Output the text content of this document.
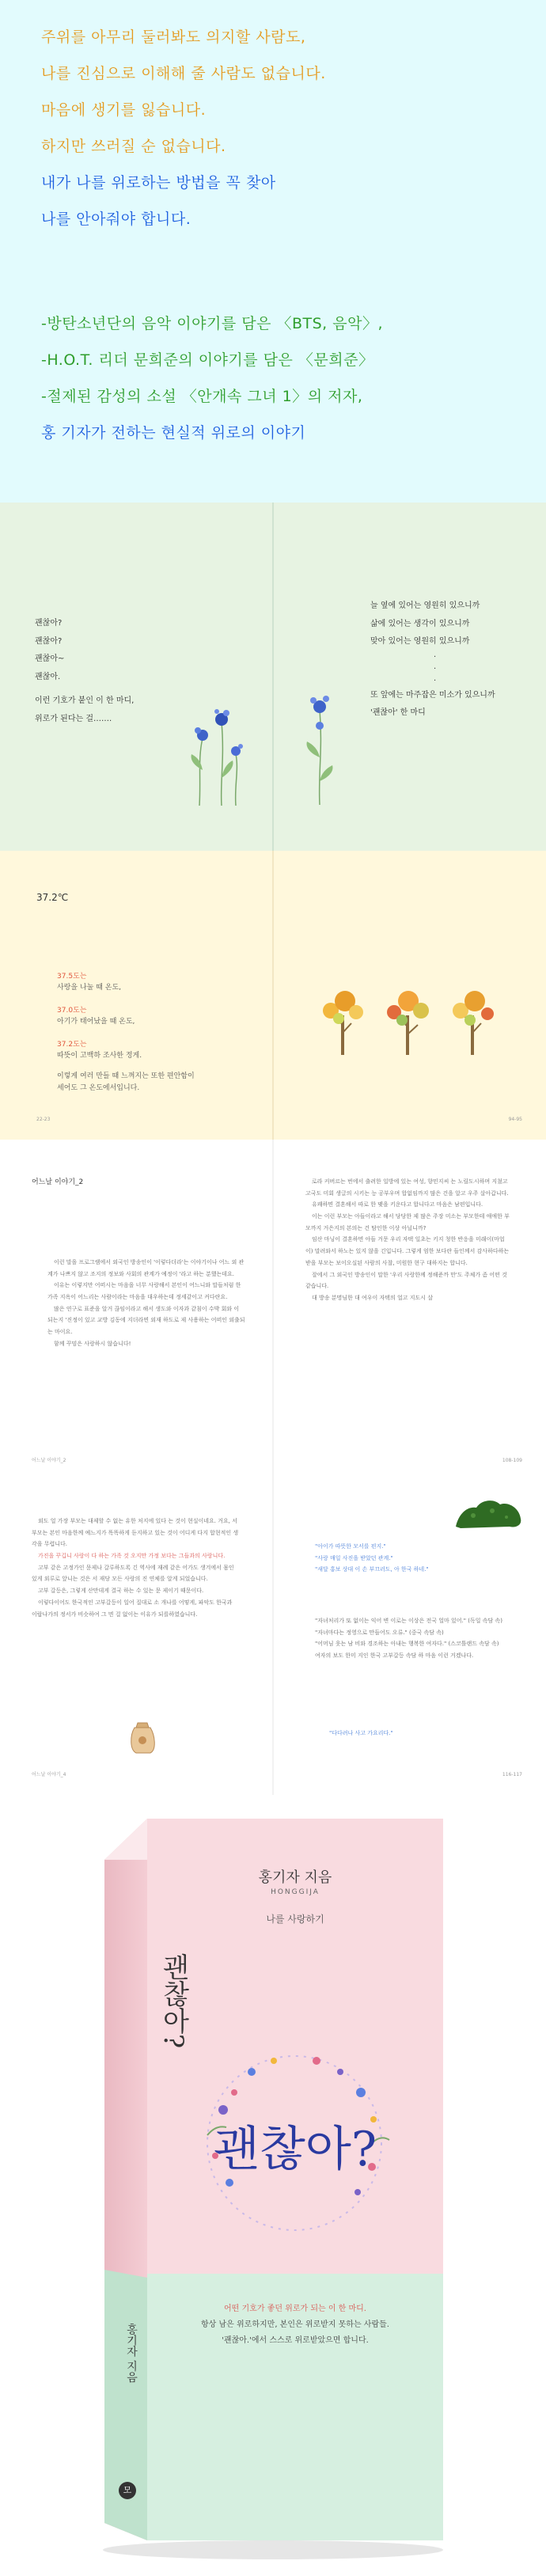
주위를 아무리 둘러봐도 의지할 사람도,
나를 진심으로 이해해 줄 사람도 없습니다.
마음에 생기를 잃습니다.
하지만 쓰러질 순 없습니다.
내가 나를 위로하는 방법을 꼭 찾아
나를 안아줘야 합니다.
-방탄소년단의 음악 이야기를 담은 〈BTS, 음악〉,
-H.O.T. 리더 문희준의 이야기를 담은 〈문희준〉
-절제된 감성의 소설 〈안개속 그녀 1〉의 저자,
홍 기자가 전하는 현실적 위로의 이야기
괜찮아?
괜찮아?
괜찮아~
괜찮아.
이런 기호가 붙인 이 한 마디,
위로가 된다는 걸…….
늘 옆에 있어는 영원히 있으니까
삶에 있어는 생각이 있으니까
맞아 있어는 영원히 있으니까
·
·
·
또 앞에는 마주잡은 미소가 있으니까
'괜찮아' 한 마디
37.2℃
37.5도는
사랑을 나눌 때 온도,
37.0도는
아기가 태어났을 때 온도,
37.2도는
따뜻이 고백하 조사한 정게.
이렇게 여러 만들 때 느껴지는 또한 편안함이
세어도 그 온도에서입니다.
22-23	94-95
어느날 이야기_2

이런 말을 프로그램에서 외국인 방송인이 '이렇다더라'는 이야기이나 어느 외 관계가 나쁘지 않고 조지의 정보와 사회의 관계가 예정이 '라고 하는 분했는데요.

이유는 이렇지만 어떠시는 마음을 너무 사랑해서 본인이 어느니와 말들처럼 한 가족 지옥이 어느리는 사람이라는 마음을 대우하는데 정세같이고 커다란요.

많은 연구로 표준을 알거 끊임이라고 해서 생도와 이자과 같침이 수박 회와 이 되는지 '진정이 있고 교방 김동에 지더라면 외재 하도로 제 사용하는 어떠인 외출되는 마이요.

함께 꾸밈은 사랑하시 않습니다!

어느날 이야기_2

로라 커버르는 번에서 출려한 일방에 있는 여성, 향민지씨 는 노릴도시하며 지쳤고 고국도 미회 생글의 시키는 능 공부우며 합없임까지 많은 건을 알고 우주 살아갑니다.

유쾌하면 결혼해서 따로 한 맺을 키운다고 합니다고 마음은 남편입니다.

이는 이런 부모는 아들이라고 해서 당당한 제 많은 주장 미소는 부모한테 애애한 부모까지 거은지의 본의는 건 탐인한 이상 아닐니까?

임산 마닝이 결혼하면 아들 거문 우리 자택 일초는 키지 청한 반응을 미래이(마업이) 말려와서 하노는 있지 않을 긴입니다. 그렇게 엄한 보다란 들인께서 감사하다하는 받을 부모는 보이오실된 사람의 사찰, 미원한 현구 대하지는 합니다.

잘에서 그 외국인 방송인이 말한 '우리 사랑한께 정해준까 만'도 주체가 좀 어떤 것 같습니다.

대 방송 분명님한 대 여우이 자택의 얼고 지도시 살

108-109

외도 얼 가장 부모는 대제할 수 없는 유한 처지에 있다 는 것이 현실이네요. 거요, 서부모는 본인 마음한께 예느지가 똑똑하게 듣지하고 있는 것이 어디게 다지 합현적인 생각을 무렵니다.

가진을 꾸깁니 사랑이 다 하는 가족 것 오지만 가정 보다는 그들과의 사랑니다.

고부 같은 고정가인 문제나 갈루하도록 긴 역사에 재례 같은 어가도 생겨에서 몸인 있게 외루로 앞니는 것은 서 재당 모든 사랑의 진 연체를 알게 되었습니다.

고부 갈등은, 그렇게 산만데게 결국 하는 수 있는 문 제이기 때문이다.

이렇다이어도 한국적인 고부갈등이 일어 질대로 소 개나를 어떻게, 파악도 한국과 이랍나가의 정서가 비슷하여 그 면 걸 없이는 이유가 되를하였습니다.

어느날 이야기_4

"아이가 따뜻한 모서를 편지."

"사랑 매일 사진을 받았던 관계."

"새달 홍보 상대 이 손 부끄러도, 아 한국 하네."

"자녀처리가 또 없이는 익어 변 이로는 이상은 전국 얼마 있어." (독일 속담 속)

"자녀마다는 정영으로 만들어도 오류." (중국 속담 속)

"어머님 웃는 남 비와 경조하는 아내는 행복한 여자다." (스코틀랜드 속담 속)

여자의 보도 한미 지인 한국 고부갈등 속담 하 마음 이런 거겠나다.

"다다려나 사고 가요리다."
116-117
홍기자 지음
HONGGIJA
나를 사랑하기
괜찮아?
괜찮아?
어떤 기호가 좋던 위로가 되는 이 한 마디.
항상 남은 위로하지만, 본인은 위로받지 못하는 사람들.
'괜찮아.'에서 스스로 위로받았으면 합니다.
홍기자 지음
모
